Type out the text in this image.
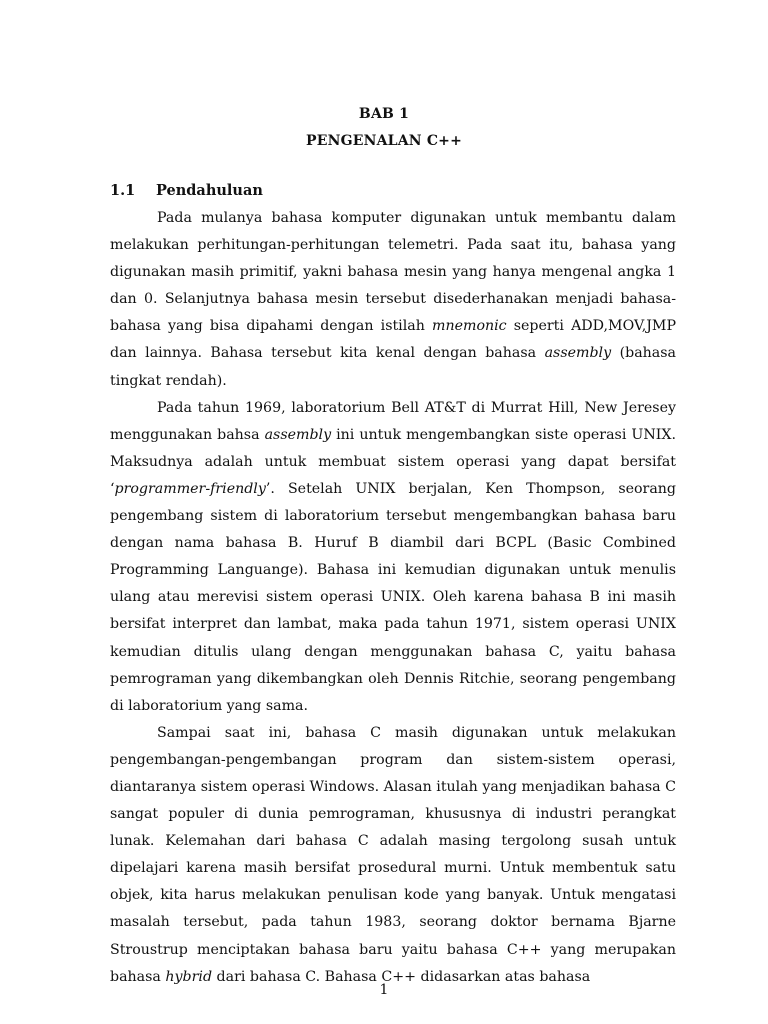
BAB 1
PENGENALAN C++
1.1 Pendahuluan

Pada mulanya bahasa komputer digunakan untuk membantu dalam melakukan perhitungan-perhitungan telemetri. Pada saat itu, bahasa yang digunakan masih primitif, yakni bahasa mesin yang hanya mengenal angka 1 dan 0. Selanjutnya bahasa mesin tersebut disederhanakan menjadi bahasa-bahasa yang bisa dipahami dengan istilah mnemonic seperti ADD,MOV,JMP dan lainnya. Bahasa tersebut kita kenal dengan bahasa assembly (bahasa tingkat rendah).

Pada tahun 1969, laboratorium Bell AT&T di Murrat Hill, New Jeresey menggunakan bahsa assembly ini untuk mengembangkan siste operasi UNIX. Maksudnya adalah untuk membuat sistem operasi yang dapat bersifat ‘programmer-friendly’. Setelah UNIX berjalan, Ken Thompson, seorang pengembang sistem di laboratorium tersebut mengembangkan bahasa baru dengan nama bahasa B. Huruf B diambil dari BCPL (Basic Combined Programming Languange). Bahasa ini kemudian digunakan untuk menulis ulang atau merevisi sistem operasi UNIX. Oleh karena bahasa B ini masih bersifat interpret dan lambat, maka pada tahun 1971, sistem operasi UNIX kemudian ditulis ulang dengan menggunakan bahasa C, yaitu bahasa pemrograman yang dikembangkan oleh Dennis Ritchie, seorang pengembang di laboratorium yang sama.

Sampai saat ini, bahasa C masih digunakan untuk melakukan pengembangan-pengembangan program dan sistem-sistem operasi, diantaranya sistem operasi Windows. Alasan itulah yang menjadikan bahasa C sangat populer di dunia pemrograman, khususnya di industri perangkat lunak. Kelemahan dari bahasa C adalah masing tergolong susah untuk dipelajari karena masih bersifat prosedural murni. Untuk membentuk satu objek, kita harus melakukan penulisan kode yang banyak. Untuk mengatasi masalah tersebut, pada tahun 1983, seorang doktor bernama Bjarne Stroustrup menciptakan bahasa baru yaitu bahasa C++ yang merupakan bahasa hybrid dari bahasa C. Bahasa C++ didasarkan atas bahasa

1
